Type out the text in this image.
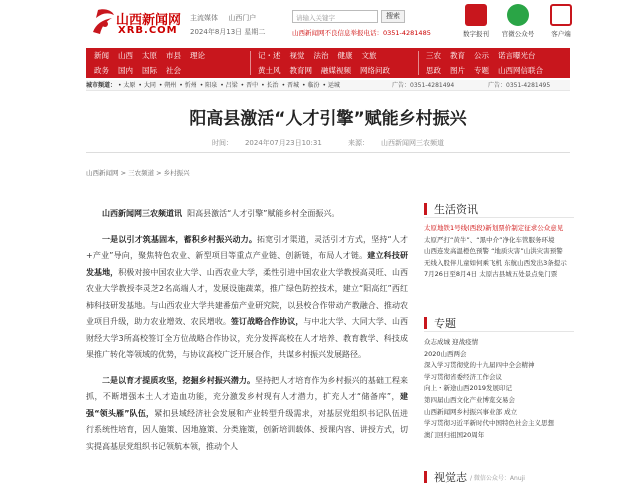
山西新闻网
XRB.COM
主流媒体 山西门户
2024年8月13日 星期二
请输入关键字	搜索
山西新闻网不良信息举报电话：0351-4281485	数字报刊	官微公众号	客户端
新闻 山西 太原 市县 理论	记・述 视觉 法治 健康 文旅	三农 教育 公示 诺言曝光台
政务 国内 国际 社会	黄土风 教育网 融媒视频 网络问政	思政 图片 专题 山西网信联合
城市频道： • 太原 • 大同 • 朔州 • 忻州 • 阳泉 • 吕梁 • 晋中 • 长治 • 晋城 • 临汾 • 运城	广告：0351-4281494	广告：0351-4281495
阳高县激活“人才引擎”赋能乡村振兴
时间： 2024年07月23日10:31	来源： 山西新闻网三农频道
山西新闻网 > 三农频道 > 乡村振兴

山西新闻网三农频道讯 阳高县激活“人才引擎”赋能乡村全面振兴。

一是以引才筑基固本，蓄积乡村振兴动力。拓宽引才渠道，灵活引才方式，坚持“人才+产业”导向，聚焦特色农业、新型项目等重点产业链、创新链，布局人才链。建立科技研发基地，积极对接中国农业大学、山西农业大学，柔性引进中国农业大学教授高灵旺、山西农业大学教授李灵芝2名高端人才，发展设施蔬菜，推广绿色防控技术，建立“阳高红”西红柿科技研发基地。与山西农业大学共建番茄产业研究院，以县校合作带动产教融合、推动农业项目升级，助力农业增效、农民增收。签订战略合作协议，与中北大学、大同大学、山西财经大学3所高校签订全方位战略合作协议，充分发挥高校在人才培养、教育教学、科技成果推广转化等领域的优势，与协议高校广泛开展合作，共谋乡村振兴发展路径。

二是以育才提质攻坚，挖掘乡村振兴潜力。坚持把人才培育作为乡村振兴的基础工程来抓，不断增强本土人才造血功能，充分激发乡村现有人才潜力，扩充人才“储备库”，建强“领头雁”队伍，紧扣县域经济社会发展和产业转型升级需求，对基层党组织书记队伍进行系统性培育，因人施策、因地施策、分类施策，创新培训载体、授课内容、讲授方式，切实提高基层党组织书记领航本领，推动个人

生活资讯
太原地铁1号线(西段)新划票价制定征求公众意见
太原严打“黄牛”、“黑中介”净化车管服务环境
山西连发高温橙色预警 “地质灾害”山洪灾害预警
无线入股伴儿童如何乘飞机 东航山西发出3条提示
7月26日至8月4日 太原古县城五处景点免门票
专题
众志成城 迎战疫情
2020山西两会
深入学习贯彻党的十九届四中全会精神
学习贯彻省委经济工作会议
向上・新途山西2019发展印记
第四届山西文化产业博览交易会
山西新闻网乡村振兴事业部 成立
学习贯彻习近平新时代中国特色社会主义思想
澳门回归祖国20周年
视觉志 / 微信公众号：Anuji
